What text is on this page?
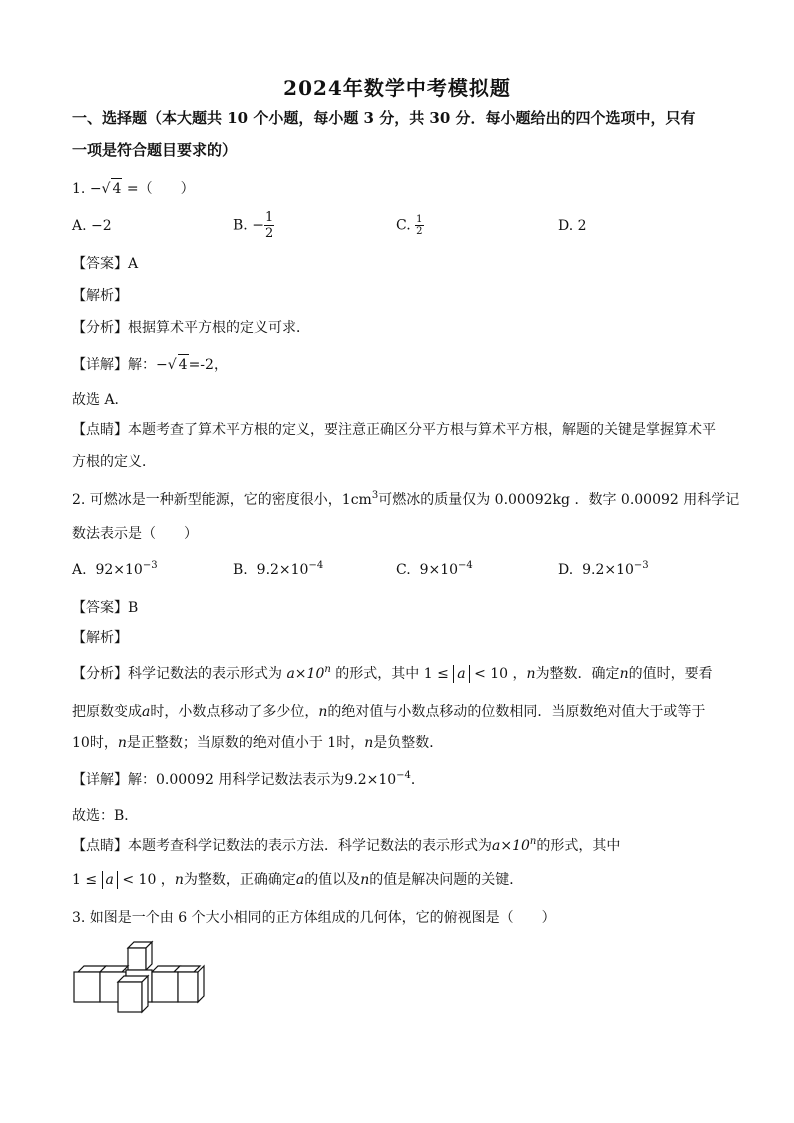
2024年数学中考模拟题
一、选择题（本大题共 10 个小题，每小题 3 分，共 30 分．每小题给出的四个选项中，只有
一项是符合题目要求的）
1. −√ 4 =（　　）
A. −2	B. − $\frac{1}{2}$	C. $\frac{1}{2}$	D. 2
【答案】A
【解析】
【分析】根据算术平方根的定义可求．
【详解】解：−√ 4=-2，
故选 A．
【点睛】本题考查了算术平方根的定义，要注意正确区分平方根与算术平方根，解题的关键是掌握算术平
方根的定义．
2. 可燃冰是一种新型能源，它的密度很小，$1cm^3$可燃冰的质量仅为 0.00092kg ．数字 0.00092 用科学记
数法表示是（　　）
A. $92\times 10^{-3}$	B. $9.2\times 10^{-4}$	C. $9\times 10^{-4}$	D. $9.2\times 10^{-3}$
【答案】B
【解析】
【分析】科学记数法的表示形式为 $a\times 10^n$ 的形式，其中 1 ≤ a < 10 ，n为整数．确定n的值时，要看
把原数变成a时，小数点移动了多少位，n的绝对值与小数点移动的位数相同．当原数绝对值大于或等于
10时，n是正整数；当原数的绝对值小于 1时，n是负整数．
【详解】解：0.00092 用科学记数法表示为$9.2\times 10^{-4}$．
故选：B．
【点睛】本题考查科学记数法的表示方法．科学记数法的表示形式为$a\times 10^n$的形式，其中
1 ≤ a < 10 ，n为整数，正确确定a的值以及n的值是解决问题的关键．
3. 如图是一个由 6 个大小相同的正方体组成的几何体，它的俯视图是（　　）
